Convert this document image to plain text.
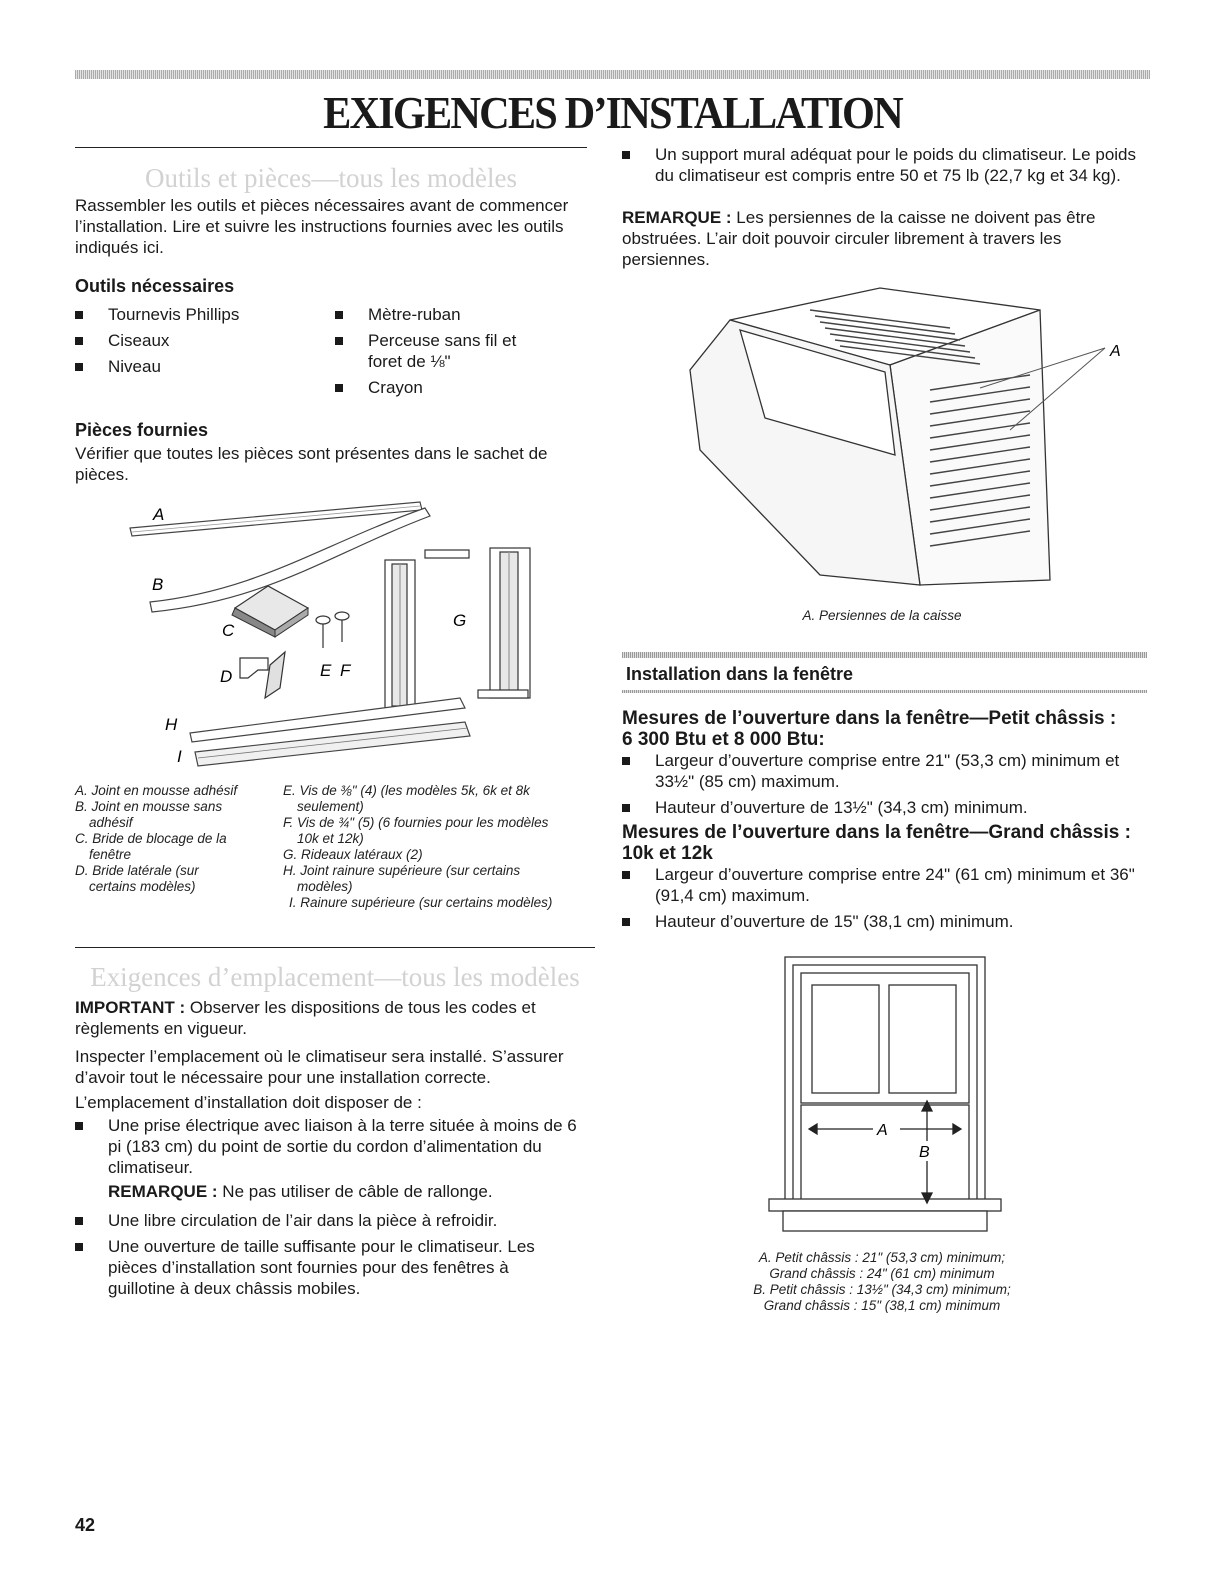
EXIGENCES D’INSTALLATION
Outils et pièces—tous les modèles
Rassembler les outils et pièces nécessaires avant de commencer l’installation. Lire et suivre les instructions fournies avec les outils indiqués ici.
Outils nécessaires
Tournevis Phillips
Ciseaux
Niveau
Mètre-ruban
Perceuse sans fil et foret de ⅛"
Crayon
Pièces fournies
Vérifier que toutes les pièces sont présentes dans le sachet de pièces.
A
B
C
E F
D
G
H
I
A. Joint en mousse adhésif
B. Joint en mousse sans
adhésif
C. Bride de blocage de la
fenêtre
D. Bride latérale (sur
certains modèles)
E. Vis de ⅜" (4) (les modèles 5k, 6k et 8k
seulement)
F. Vis de ¾" (5) (6 fournies pour les modèles
10k et 12k)
G. Rideaux latéraux (2)
H. Joint rainure supérieure (sur certains
modèles)
I. Rainure supérieure (sur certains modèles)
Exigences d’emplacement—tous les modèles
IMPORTANT : Observer les dispositions de tous les codes et règlements en vigueur.
Inspecter l’emplacement où le climatiseur sera installé. S’assurer d’avoir tout le nécessaire pour une installation correcte.
L’emplacement d’installation doit disposer de :
Une prise électrique avec liaison à la terre située à moins de 6 pi (183 cm) du point de sortie du cordon d’alimentation du climatiseur.
REMARQUE : Ne pas utiliser de câble de rallonge.
Une libre circulation de l’air dans la pièce à refroidir.
Une ouverture de taille suffisante pour le climatiseur. Les pièces d’installation sont fournies pour des fenêtres à guillotine à deux châssis mobiles.
Un support mural adéquat pour le poids du climatiseur. Le poids du climatiseur est compris entre 50 et 75 lb (22,7 kg et 34 kg).
REMARQUE : Les persiennes de la caisse ne doivent pas être obstruées. L’air doit pouvoir circuler librement à travers les persiennes.
A
A. Persiennes de la caisse
Installation dans la fenêtre
Mesures de l’ouverture dans la fenêtre—Petit châssis :
6 300 Btu et 8 000 Btu:
Largeur d’ouverture comprise entre 21" (53,3 cm) minimum et 33½" (85 cm) maximum.
Hauteur d’ouverture de 13½" (34,3 cm) minimum.
Mesures de l’ouverture dans la fenêtre—Grand châssis :
10k et 12k
Largeur d’ouverture comprise entre 24" (61 cm) minimum et 36" (91,4 cm) maximum.
Hauteur d’ouverture de 15" (38,1 cm) minimum.
A
B
A. Petit châssis : 21" (53,3 cm) minimum;
Grand châssis : 24" (61 cm) minimum
B. Petit châssis : 13½" (34,3 cm) minimum;
Grand châssis : 15" (38,1 cm) minimum
42
